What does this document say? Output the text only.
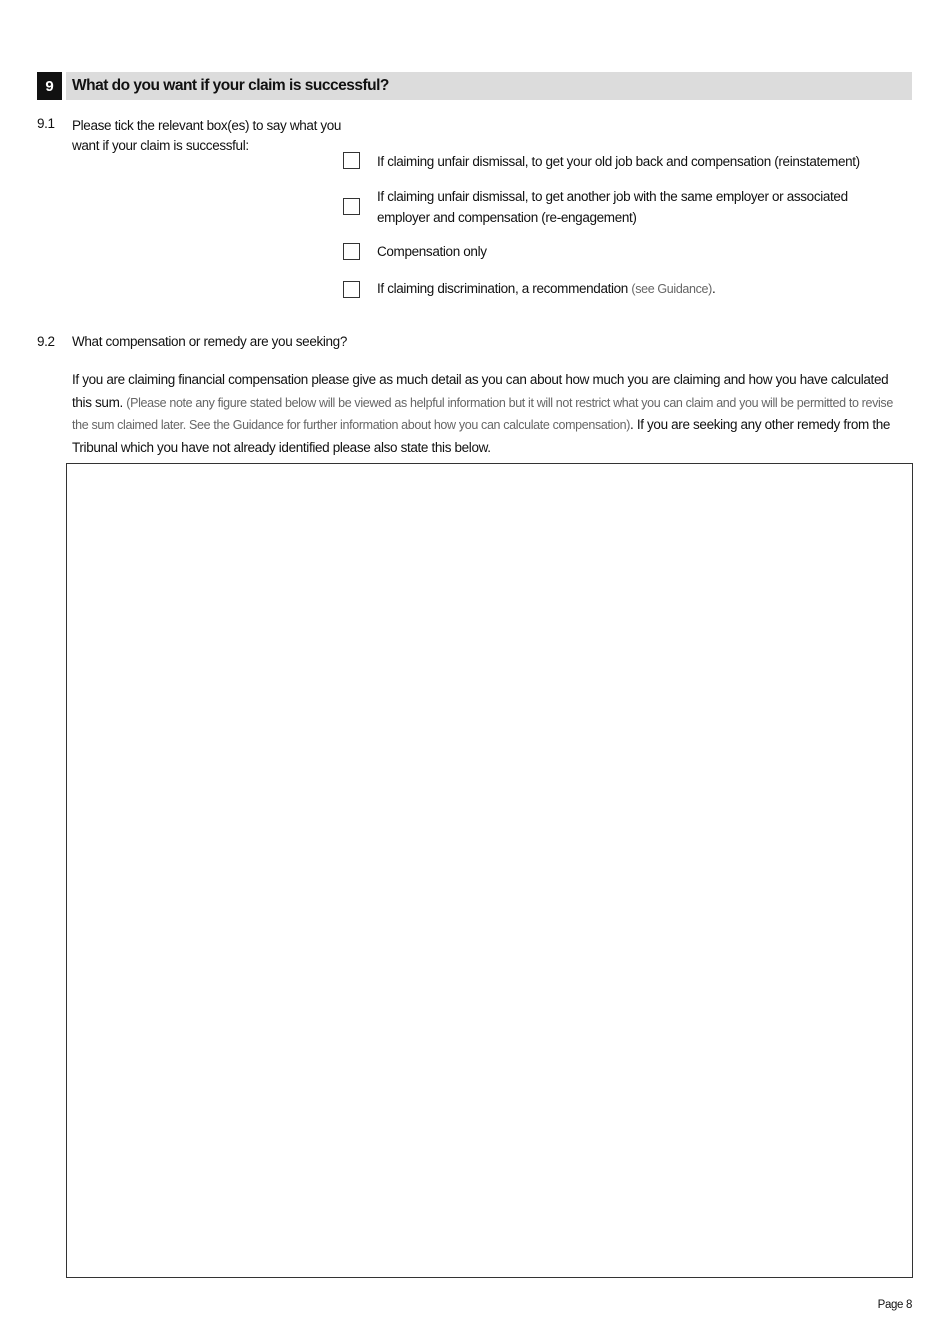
9	What do you want if your claim is successful?
9.1 Please tick the relevant box(es) to say what you
want if your claim is successful:
If claiming unfair dismissal, to get your old job back and compensation (reinstatement)
If claiming unfair dismissal, to get another job with the same employer or associated
employer and compensation (re-engagement)
Compensation only
If claiming discrimination, a recommendation (see Guidance).
9.2 What compensation or remedy are you seeking?
If you are claiming financial compensation please give as much detail as you can about how much you are claiming and how you have calculated this sum. (Please note any figure stated below will be viewed as helpful information but it will not restrict what you can claim and you will be permitted to revise the sum claimed later. See the Guidance for further information about how you can calculate compensation). If you are seeking any other remedy from the Tribunal which you have not already identified please also state this below.
Page 8
